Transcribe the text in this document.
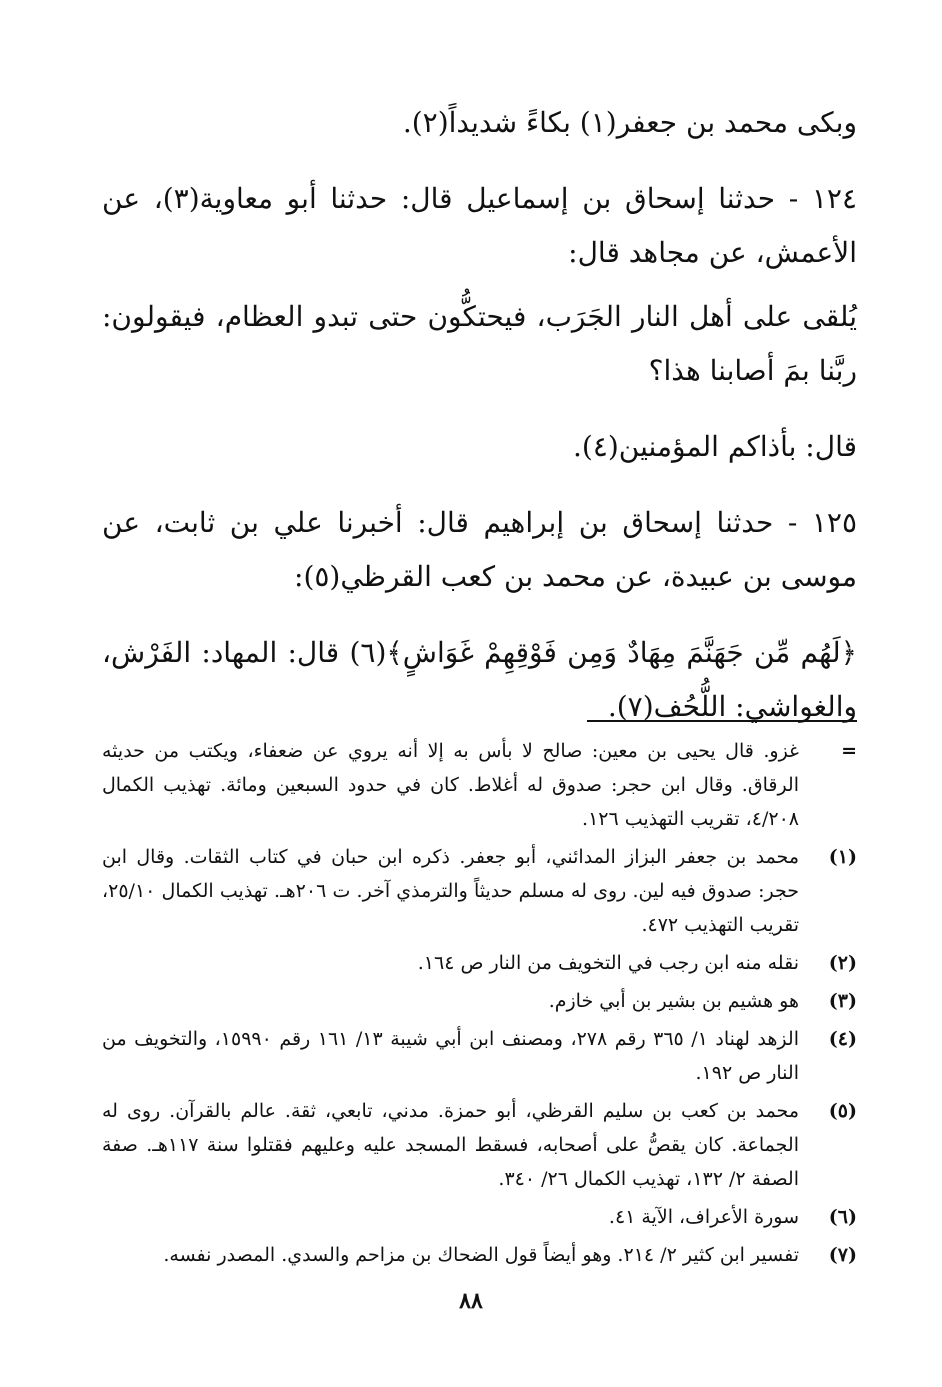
وبكى محمد بن جعفر(١) بكاءً شديداً(٢).

١٢٤ - حدثنا إسحاق بن إسماعيل قال: حدثنا أبو معاوية(٣)، عن الأعمش، عن مجاهد قال:

يُلقى على أهل النار الجَرَب، فيحتكُّون حتى تبدو العظام، فيقولون: ربَّنا بمَ أصابنا هذا؟

قال: بأذاكم المؤمنين(٤).

١٢٥ - حدثنا إسحاق بن إبراهيم قال: أخبرنا علي بن ثابت، عن موسى بن عبيدة، عن محمد بن كعب القرظي(٥):

﴿لَهُم مِّن جَهَنَّمَ مِهَادٌ وَمِن فَوْقِهِمْ غَوَاشٍ﴾(٦) قال: المهاد: الفَرْش، والغواشي: اللُّحُف(٧).

=
غزو. قال يحيى بن معين: صالح لا بأس به إلا أنه يروي عن ضعفاء، ويكتب من حديثه الرقاق. وقال ابن حجر: صدوق له أغلاط. كان في حدود السبعين ومائة. تهذيب الكمال ٤/٢٠٨، تقريب التهذيب ١٢٦.
(١)
محمد بن جعفر البزاز المدائني، أبو جعفر. ذكره ابن حبان في كتاب الثقات. وقال ابن حجر: صدوق فيه لين. روى له مسلم حديثاً والترمذي آخر. ت ٢٠٦هـ. تهذيب الكمال ٢٥/١٠، تقريب التهذيب ٤٧٢.
(٢)
نقله منه ابن رجب في التخويف من النار ص ١٦٤.
(٣)
هو هشيم بن بشير بن أبي خازم.
(٤)
الزهد لهناد ١/ ٣٦٥ رقم ٢٧٨، ومصنف ابن أبي شيبة ١٣/ ١٦١ رقم ١٥٩٩٠، والتخويف من النار ص ١٩٢.
(٥)
محمد بن كعب بن سليم القرظي، أبو حمزة. مدني، تابعي، ثقة. عالم بالقرآن. روى له الجماعة. كان يقصُّ على أصحابه، فسقط المسجد عليه وعليهم فقتلوا سنة ١١٧هـ. صفة الصفة ٢/ ١٣٢، تهذيب الكمال ٢٦/ ٣٤٠.
(٦)
سورة الأعراف، الآية ٤١.
(٧)
تفسير ابن كثير ٢/ ٢١٤. وهو أيضاً قول الضحاك بن مزاحم والسدي. المصدر نفسه.
٨٨
